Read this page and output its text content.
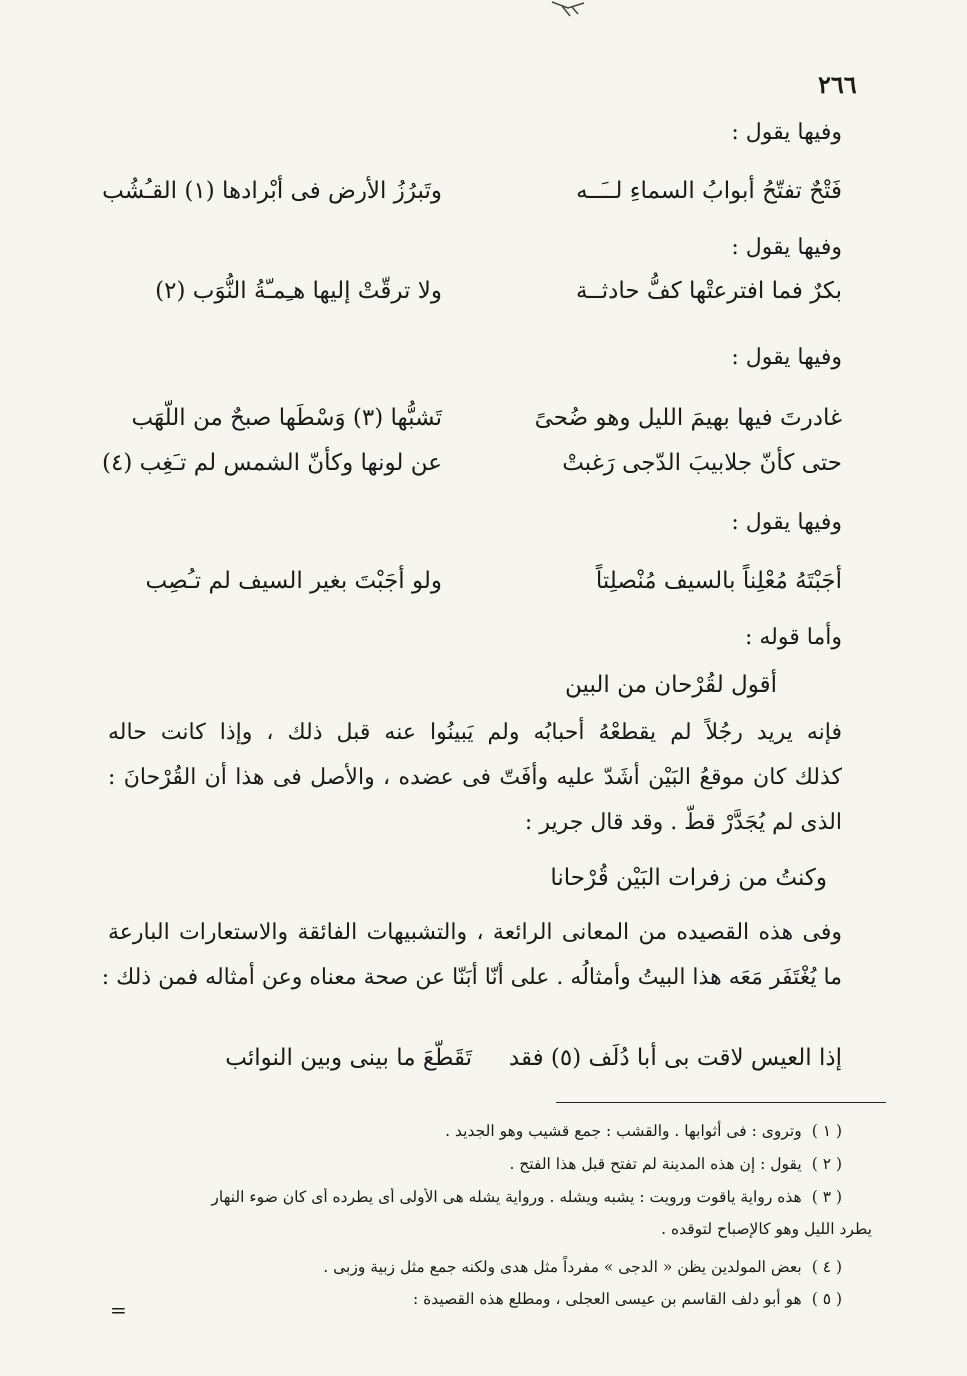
٢٦٦
وفيها يقول :
فَتْحٌ تفتّحُ أبوابُ السماءِ لــَــه
وتَبرُزُ الأرض فى أبْرادها (١) القـُشُب
وفيها يقول :
بكرٌ فما افترعتْها كفُّ حادثــة
ولا ترقّتْ إليها هـِمـّةُ النُّوَب (٢)
وفيها يقول :
غادرتَ فيها بهيمَ الليل وهو ضُحىً
تَشبُّها (٣) وَسْطَها صبحٌ من اللّهَب
حتى كأنّ جلابيبَ الدّجى رَغبتْ
عن لونها وكأنّ الشمس لم تـَغِب (٤)
وفيها يقول :
أجَبْتَهُ مُعْلِناً بالسيف مُنْصلِتاً
ولو أجَبْتَ بغير السيف لم تـُصِب
وأما قوله :
أقول لقُرْحان من البين
فإنه يريد رجُلاً لم يقطعْهُ أحبابُه ولم يَبينُوا عنه قبل ذلك ، وإذا كانت حاله
كذلك كان موقعُ البَيْن أشَدّ عليه وأفَتّ فى عضده ، والأصل فى هذا أن القُرْحانَ :
الذى لم يُجَدَّرْ قطّ . وقد قال جرير :
وكنتُ من زفرات البَيْن قُرْحانا
وفى هذه القصيده من المعانى الرائعة ، والتشبيهات الفائقة والاستعارات البارعة
ما يُغْتَفَر مَعَه هذا البيتُ وأمثالُه . على أنّا أبَنّا عن صحة معناه وعن أمثاله فمن ذلك :
إذا العيس لاقت بى أبا دُلَف (٥) فقد
تَقَطّعَ ما بينى وبين النوائب
( ١ )وتروى : فى أثوابها . والقشب : جمع قشيب وهو الجديد .
( ٢ )يقول : إن هذه المدينة لم تفتح قبل هذا الفتح .
( ٣ )هذه رواية ياقوت ورويت : يشبه ويشله . ورواية يشله هى الأولى أى يطرده أى كان ضوء النهار
يطرد الليل وهو كالإصباح لتوقده .
( ٤ )بعض المولدين يظن « الدجى » مفرداً مثل هدى ولكنه جمع مثل زبية وزبى .
( ٥ )هو أبو دلف القاسم بن عيسى العجلى ، ومطلع هذه القصيدة :
=
